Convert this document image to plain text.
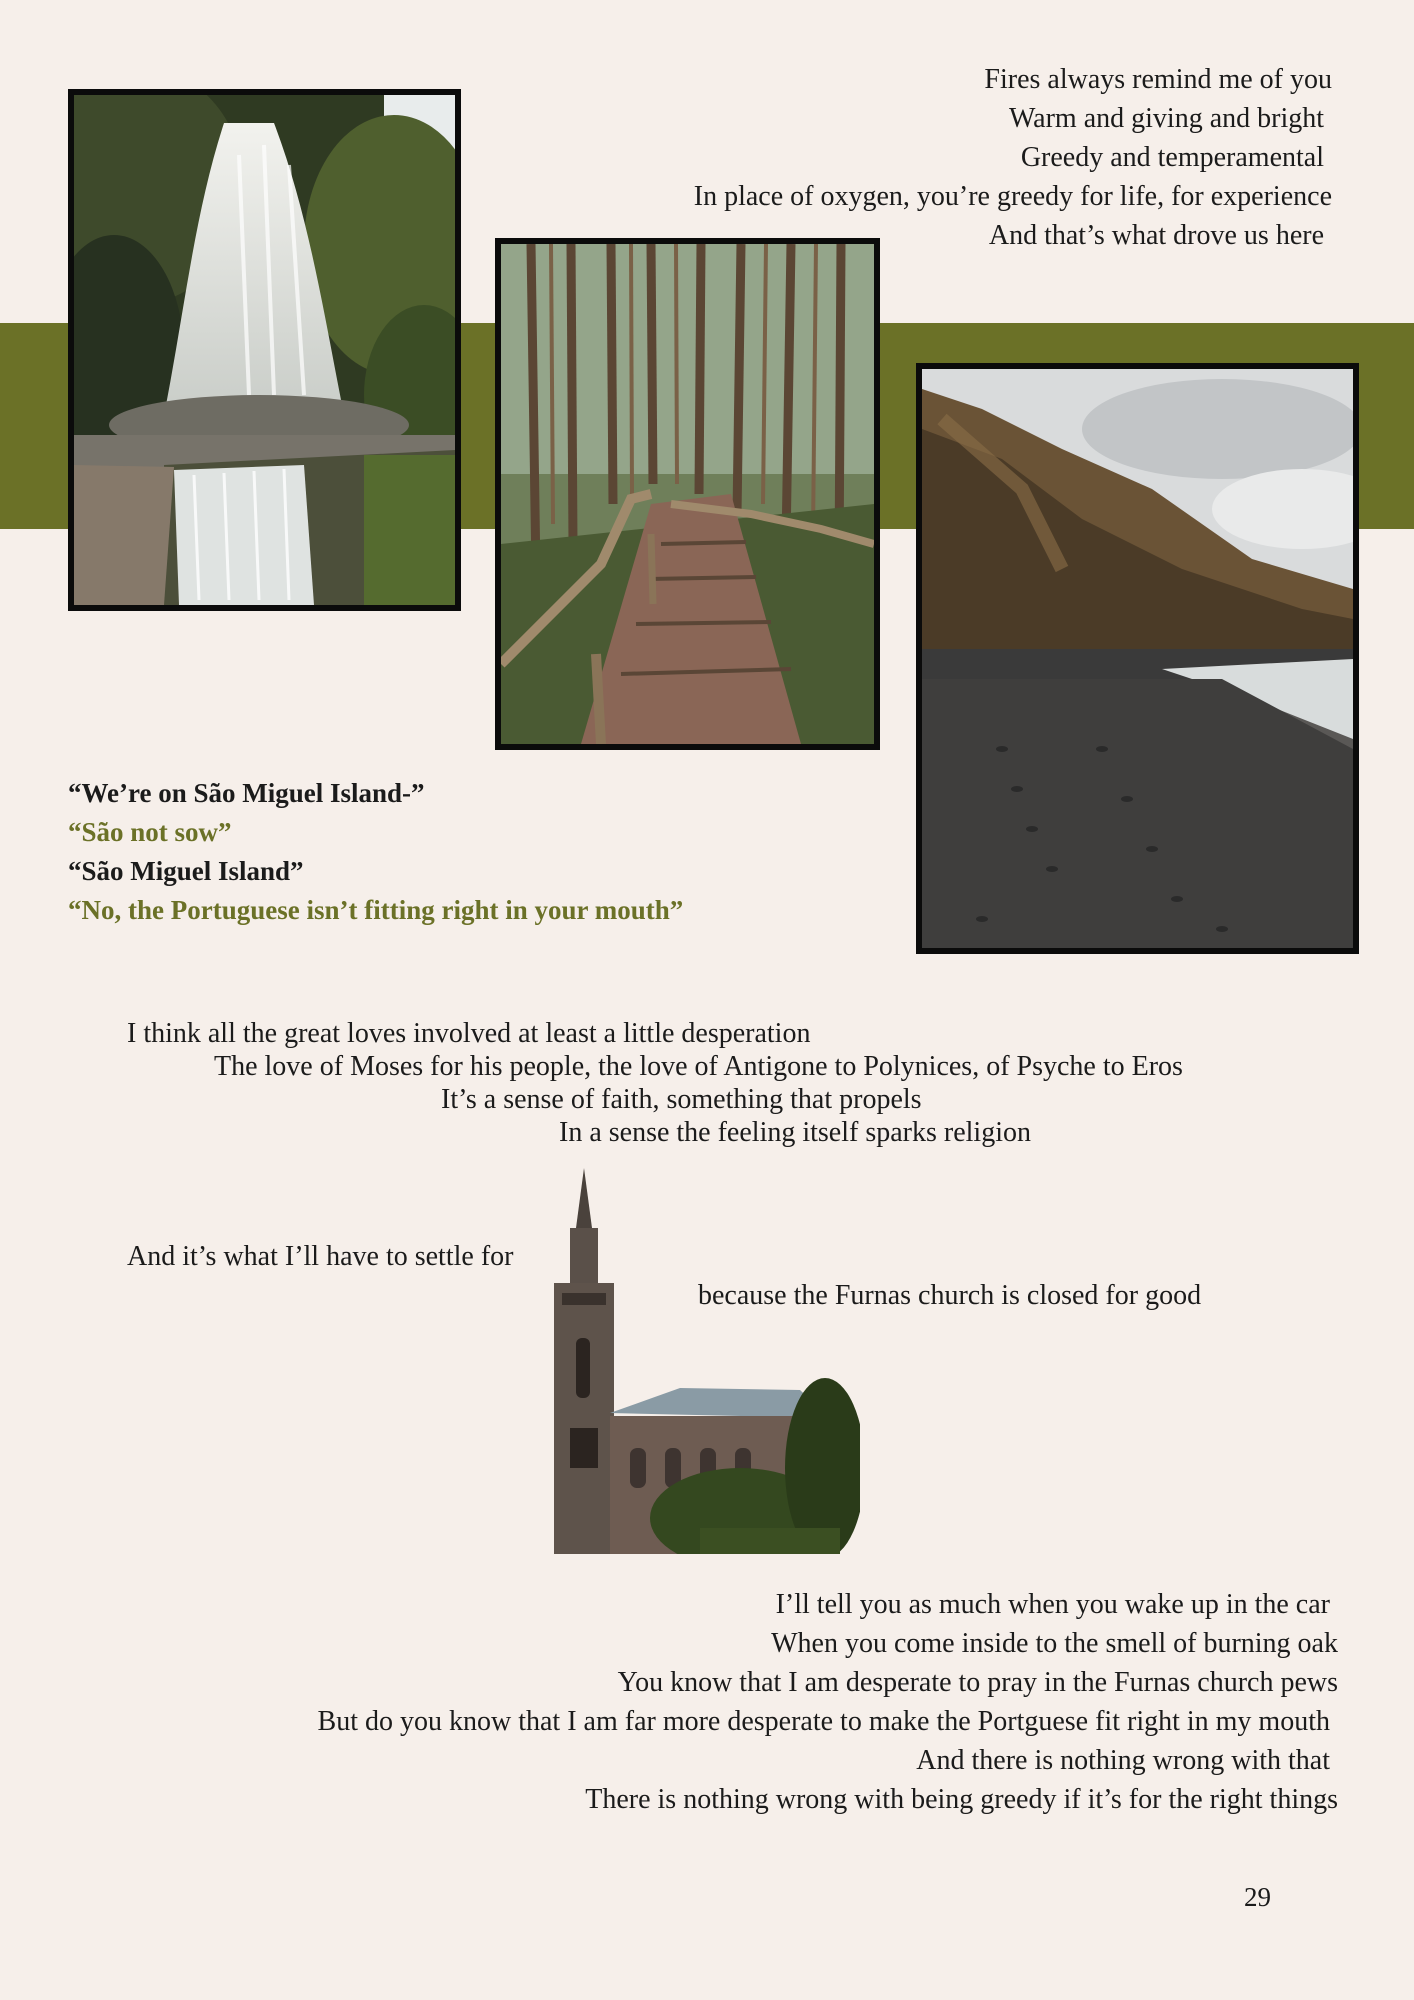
Fires always remind me of you
Warm and giving and bright
Greedy and temperamental
In place of oxygen, you’re greedy for life, for experience
And that’s what drove us here
“We’re on São Miguel Island-”
“São not sow”
“São Miguel Island”
“No, the Portuguese isn’t fitting right in your mouth”
I think all the great loves involved at least a little desperation
The love of Moses for his people, the love of Antigone to Polynices, of Psyche to Eros
It’s a sense of faith, something that propels
In a sense the feeling itself sparks religion
And it’s what I’ll have to settle for
because the Furnas church is closed for good
I’ll tell you as much when you wake up in the car
When you come inside to the smell of burning oak
You know that I am desperate to pray in the Furnas church pews
But do you know that I am far more desperate to make the Portguese fit right in my mouth
And there is nothing wrong with that
There is nothing wrong with being greedy if it’s for the right things
29
